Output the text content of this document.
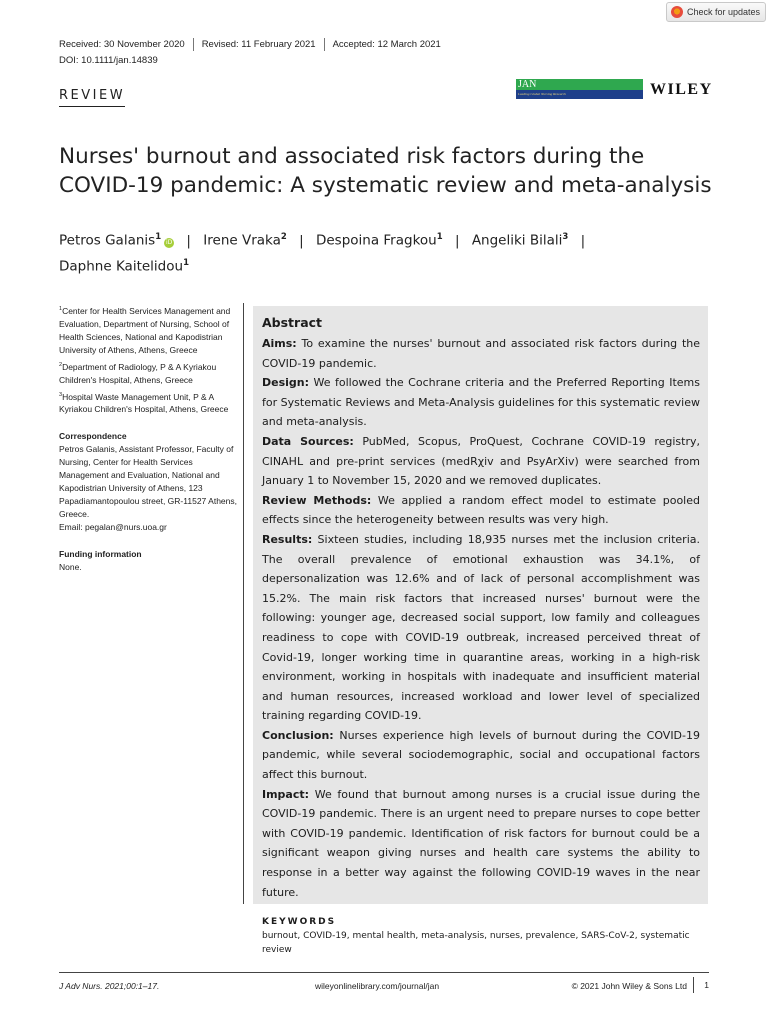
Check for updates
Received: 30 November 2020	Revised: 11 February 2021	Accepted: 12 March 2021
DOI: 10.1111/jan.14839
REVIEW
JAN
Leading Global Nursing Research	WILEY
Nurses' burnout and associated risk factors during the COVID-19 pandemic: A systematic review and meta-analysis
Petros Galanis$^1$ iD | Irene Vraka$^2$ | Despoina Fragkou$^1$ | Angeliki Bilali$^3$ |
Daphne Kaitelidou$^1$
$^1$Center for Health Services Management and Evaluation, Department of Nursing, School of Health Sciences, National and Kapodistrian University of Athens, Athens, Greece
$^2$Department of Radiology, P & A Kyriakou Children's Hospital, Athens, Greece
$^3$Hospital Waste Management Unit, P & A Kyriakou Children's Hospital, Athens, Greece
Correspondence
Petros Galanis, Assistant Professor, Faculty of Nursing, Center for Health Services Management and Evaluation, National and Kapodistrian University of Athens, 123 Papadiamantopoulou street, GR-11527 Athens, Greece.
Email: pegalan@nurs.uoa.gr
Funding information
None.
Abstract

Aims: To examine the nurses' burnout and associated risk factors during the COVID-19 pandemic.

Design: We followed the Cochrane criteria and the Preferred Reporting Items for Systematic Reviews and Meta-Analysis guidelines for this systematic review and meta-analysis.

Data Sources: PubMed, Scopus, ProQuest, Cochrane COVID-19 registry, CINAHL and pre-print services (medRχiv and PsyArXiv) were searched from January 1 to November 15, 2020 and we removed duplicates.

Review Methods: We applied a random effect model to estimate pooled effects since the heterogeneity between results was very high.

Results: Sixteen studies, including 18,935 nurses met the inclusion criteria. The overall prevalence of emotional exhaustion was 34.1%, of depersonalization was 12.6% and of lack of personal accomplishment was 15.2%. The main risk factors that increased nurses' burnout were the following: younger age, decreased social support, low family and colleagues readiness to cope with COVID-19 outbreak, increased perceived threat of Covid-19, longer working time in quarantine areas, working in a high-risk environment, working in hospitals with inadequate and insufficient material and human resources, increased workload and lower level of specialized training regarding COVID-19.

Conclusion: Nurses experience high levels of burnout during the COVID-19 pandemic, while several sociodemographic, social and occupational factors affect this burnout.

Impact: We found that burnout among nurses is a crucial issue during the COVID-19 pandemic. There is an urgent need to prepare nurses to cope better with COVID-19 pandemic. Identification of risk factors for burnout could be a significant weapon giving nurses and health care systems the ability to response in a better way against the following COVID-19 waves in the near future.

KEYWORDS
burnout, COVID-19, mental health, meta-analysis, nurses, prevalence, SARS-CoV-2, systematic review
J Adv Nurs. 2021;00:1–17.	wileyonlinelibrary.com/journal/jan	© 2021 John Wiley & Sons Ltd	1
